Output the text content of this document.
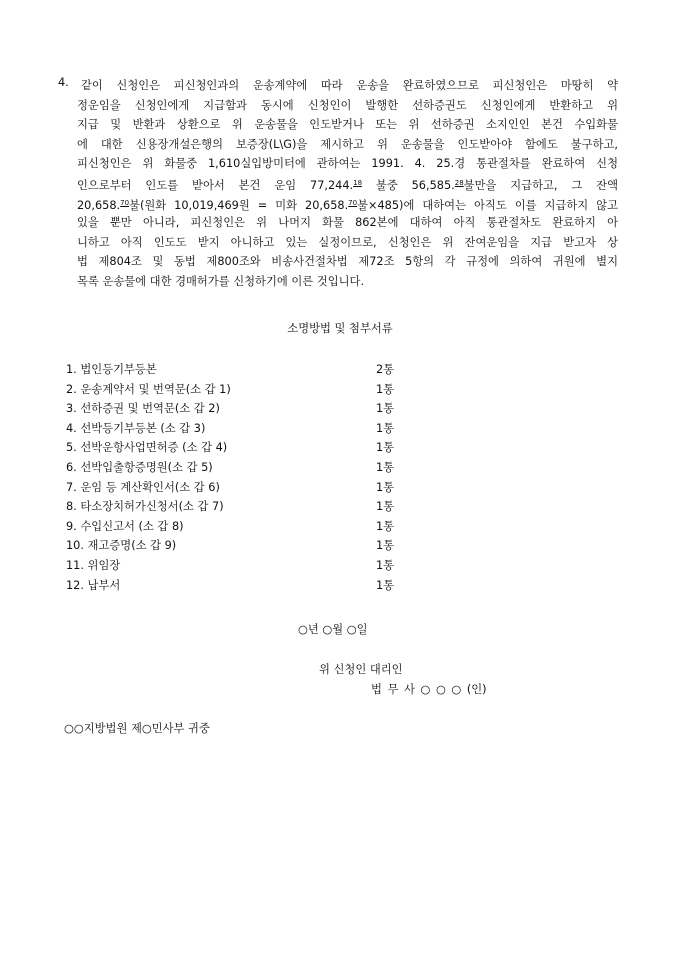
4. 같이 신청인은 피신청인과의 운송계약에 따라 운송을 완료하였으므로 피신청인은 마땅히 약
정운임을 신청인에게 지급함과 동시에 신청인이 발행한 선하증권도 신청인에게 반환하고 위
지급 및 반환과 상환으로 위 운송물을 인도받거나 또는 위 선하증권 소지인인 본건 수입화물
에 대한 신용장개설은행의 보증장(L\G)을 제시하고 위 운송물을 인도받아야 함에도 불구하고,
피신청인은 위 화물중 1,610실입방미터에 관하여는 1991. 4. 25.경 통관절차를 완료하여 신청
인으로부터 인도를 받아서 본건 운임 77,244.18 불중 56,585.28불만을 지급하고, 그 잔액
20,658.70불(원화 10,019,469원 = 미화 20,658.70불×485)에 대하여는 아직도 이를 지급하지 않고
있을 뿐만 아니라, 피신청인은 위 나머지 화물 862본에 대하여 아직 통관절차도 완료하지 아
니하고 아직 인도도 받지 아니하고 있는 실정이므로, 신청인은 위 잔여운임을 지급 받고자 상
법 제804조 및 동법 제800조와 비송사건절차법 제72조 5항의 각 규정에 의하여 귀원에 별지
목록 운송물에 대한 경매허가를 신청하기에 이른 것입니다.
소명방법 및 첨부서류
1. 법인등기부등본	2통
2. 운송계약서 및 번역문(소 갑 1)	1통
3. 선하증권 및 번역문(소 갑 2)	1통
4. 선박등기부등본 (소 갑 3)	1통
5. 선박운항사업면허증 (소 갑 4)	1통
6. 선박입출항증명원(소 갑 5)	1통
7. 운임 등 계산확인서(소 갑 6)	1통
8. 타소장치허가신청서(소 갑 7)	1통
9. 수입신고서 (소 갑 8)	1통
10. 재고증명(소 갑 9)	1통
11. 위임장	1통
12. 납부서	1통
○년 ○월 ○일
위 신청인 대리인
법 무 사 ○ ○ ○ (인)
○○지방법원 제○민사부 귀중
